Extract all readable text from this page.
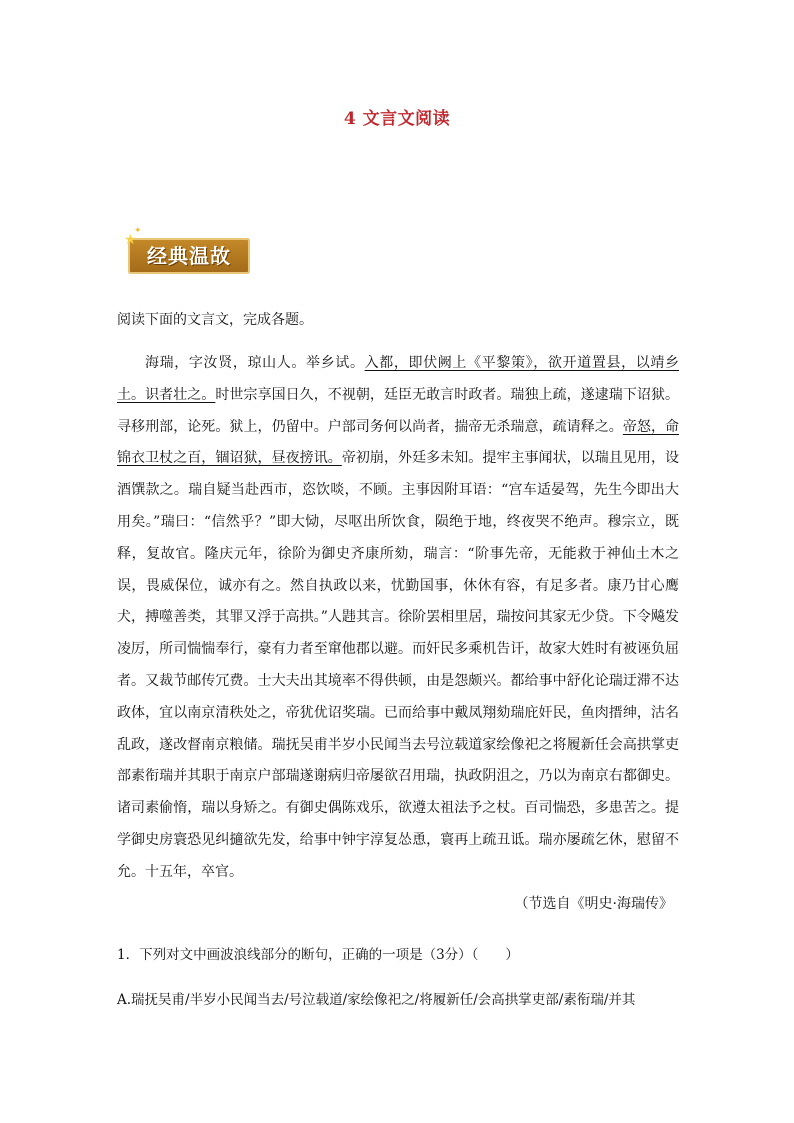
4 文言文阅读
经典温故
★
✦
阅读下面的文言文，完成各题。

海瑞，字汝贤，琼山人。举乡试。入都，即伏阙上《平黎策》，欲开道置县，以靖乡土。识者壮之。时世宗享国日久，不视朝，廷臣无敢言时政者。瑞独上疏，遂逮瑞下诏狱。寻移刑部，论死。狱上，仍留中。户部司务何以尚者，揣帝无杀瑞意，疏请释之。帝怒，命锦衣卫杖之百，锢诏狱，昼夜搒讯。帝初崩，外廷多未知。提牢主事闻状，以瑞且见用，设酒馔款之。瑞自疑当赴西市，恣饮啖，不顾。主事因附耳语：“宫车适晏驾，先生今即出大用矣。”瑞曰：“信然乎？”即大恸，尽呕出所饮食，陨绝于地，终夜哭不绝声。穆宗立，既释，复故官。隆庆元年，徐阶为御史齐康所劾，瑞言：“阶事先帝，无能救于神仙土木之误，畏威保位，诚亦有之。然自执政以来，忧勤国事，休休有容，有足多者。康乃甘心鹰犬，搏噬善类，其罪又浮于高拱。”人韪其言。徐阶罢相里居，瑞按问其家无少贷。下令飚发凌厉，所司惴惴奉行，豪有力者至窜他郡以避。而奸民多乘机告讦，故家大姓时有被诬负屈者。又裁节邮传冗费。士大夫出其境率不得供顿，由是怨颇兴。都给事中舒化论瑞迂滞不达政体，宜以南京清秩处之，帝犹优诏奖瑞。已而给事中戴凤翔劾瑞庇奸民，鱼肉搢绅，沽名乱政，遂改督南京粮储。瑞抚吴甫半岁小民闻当去号泣载道家绘像祀之将履新任会高拱掌吏部素衔瑞并其职于南京户部瑞遂谢病归帝屡欲召用瑞，执政阴沮之，乃以为南京右都御史。诸司素偷惰，瑞以身矫之。有御史偶陈戏乐，欲遵太祖法予之杖。百司惴恐，多患苦之。提学御史房寰恐见纠擿欲先发，给事中钟宇淳复怂恿，寰再上疏丑诋。瑞亦屡疏乞休，慰留不允。十五年，卒官。

（节选自《明史·海瑞传》
1．下列对文中画波浪线部分的断句，正确的一项是（3分）（　　）
A.瑞抚吴甫/半岁小民闻当去/号泣载道/家绘像祀之/将履新任/会高拱掌吏部/素衔瑞/并其
